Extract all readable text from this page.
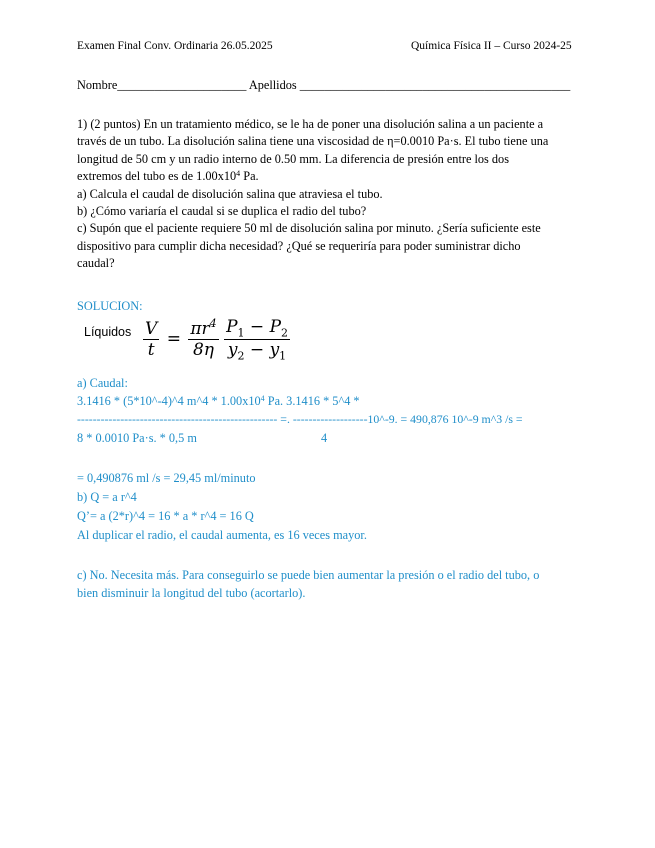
Examen Final Conv. Ordinaria 26.05.2025	Química Física II – Curso 2024-25
Nombre_____________________ Apellidos ____________________________________________
1) (2 puntos) En un tratamiento médico, se le ha de poner una disolución salina a un paciente a
través de un tubo. La disolución salina tiene una viscosidad de η=0.0010 Pa·s. El tubo tiene una
longitud de 50 cm y un radio interno de 0.50 mm. La diferencia de presión entre los dos
extremos del tubo es de $1.00x10^4$ Pa.
a) Calcula el caudal de disolución salina que atraviesa el tubo.
b) ¿Cómo variaría el caudal si se duplica el radio del tubo?
c) Supón que el paciente requiere 50 ml de disolución salina por minuto. ¿Sería suficiente este
dispositivo para cumplir dicha necesidad? ¿Qué se requeriría para poder suministrar dicho
caudal?
SOLUCION:
Líquidos $\frac{V}{t} = \frac{\pi r^4}{8\eta}$
$\frac{P_1 - P_2}{y_2 - y_1}$
a) Caudal:
3.1416 * (5*10^-4)^4 m^4 * $1.00x10^4$ Pa. 3.1416 * 5^4 *
--------------------------------------------------- =. -------------------10^-9. = 490,876 10^-9 m^3 /s =
8 * 0.0010 Pa·s. * 0,5 m	4
= 0,490876 ml /s = 29,45 ml/minuto
b) Q = a r^4
Q’= a (2*r)^4 = 16 * a * r^4 = 16 Q
Al duplicar el radio, el caudal aumenta, es 16 veces mayor.
c) No. Necesita más. Para conseguirlo se puede bien aumentar la presión o el radio del tubo, o
bien disminuir la longitud del tubo (acortarlo).
